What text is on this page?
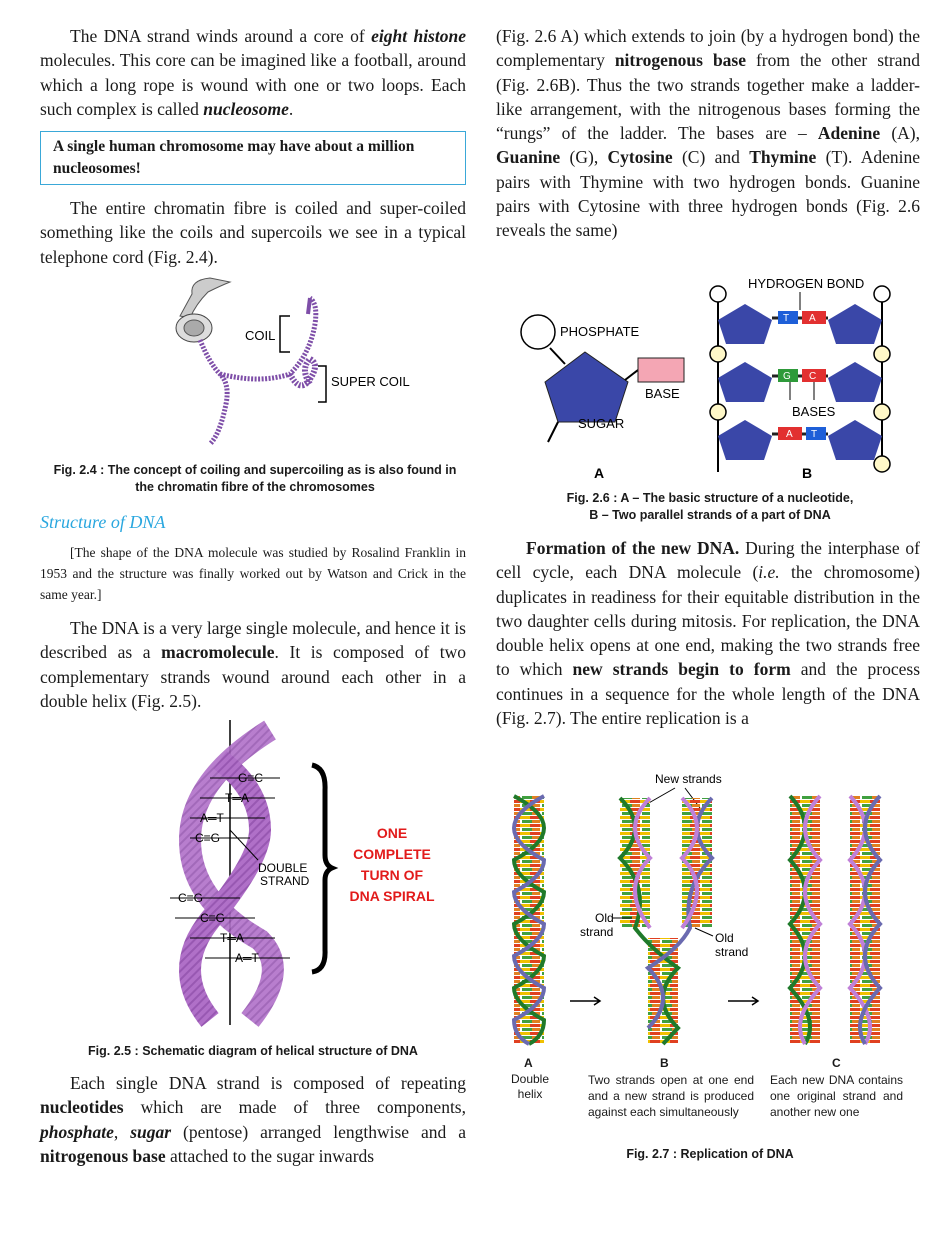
The DNA strand winds around a core of eight histone molecules. This core can be imagined like a football, around which a long rope is wound with one or two loops. Each such complex is called nucleosome.

A single human chromosome may have about a million nucleosomes!

The entire chromatin fibre is coiled and super-coiled something like the coils and supercoils we see in a typical telephone cord (Fig. 2.4).

COIL
SUPER COIL
Fig. 2.4 : The concept of coiling and supercoiling as is also found in the chromatin fibre of the chromosomes
Structure of DNA

[The shape of the DNA molecule was studied by Rosalind Franklin in 1953 and the structure was finally worked out by Watson and Crick in the same year.]

The DNA is a very large single molecule, and hence it is described as a macromolecule. It is composed of two complementary strands wound around each other in a double helix (Fig. 2.5).

G≡C
T═A
A═T
C≡G
C≡G
C≡G
T═A
A═T
DOUBLE
STRAND
ONE
COMPLETE
TURN OF
DNA SPIRAL
Fig. 2.5 : Schematic diagram of helical structure of DNA

Each single DNA strand is composed of repeating nucleotides which are made of three components, phosphate, sugar (pentose) arranged lengthwise and a nitrogenous base attached to the sugar inwards

(Fig. 2.6 A) which extends to join (by a hydrogen bond) the complementary nitrogenous base from the other strand (Fig. 2.6B). Thus the two strands together make a ladder-like arrangement, with the nitrogenous bases forming the “rungs” of the ladder. The bases are – Adenine (A), Guanine (G), Cytosine (C) and Thymine (T). Adenine pairs with Thymine with two hydrogen bonds. Guanine pairs with Cytosine with three hydrogen bonds (Fig. 2.6 reveals the same)

PHOSPHATE
BASE
SUGAR
A
HYDROGEN BOND
T A
G C
A T
BASES
B
Fig. 2.6 : A – The basic structure of a nucleotide,
B – Two parallel strands of a part of DNA

Formation of the new DNA. During the interphase of cell cycle, each DNA molecule (i.e. the chromosome) duplicates in readiness for their equitable distribution in the two daughter cells during mitosis. For replication, the DNA double helix opens at one end, making the two strands free to which new strands begin to form and the process continues in a sequence for the whole length of the DNA (Fig. 2.7). The entire replication is a

New strands
Old
strand	Old
strand
A	B	C
Double helix
Two strands open at one end and a new strand is produced against each simultaneously
Each new DNA contains one original strand and another new one
Fig. 2.7 : Replication of DNA
